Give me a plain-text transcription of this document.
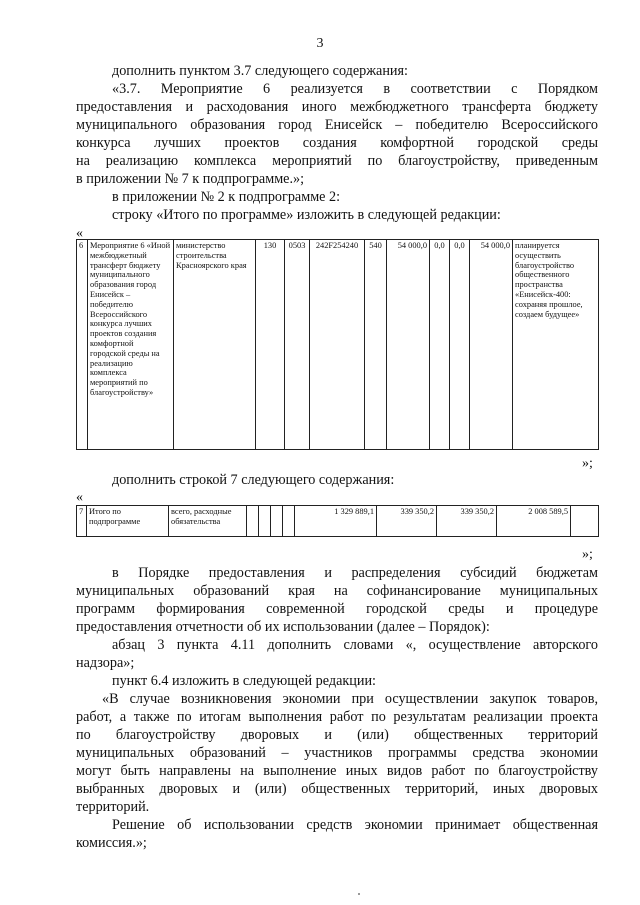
3

дополнить пунктом 3.7 следующего содержания:

«3.7. Мероприятие 6 реализуется в соответствии с Порядком

предоставления и расходования иного межбюджетного трансферта бюджету

муниципального образования город Енисейск – победителю Всероссийского

конкурса лучших проектов создания комфортной городской среды

на реализацию комплекса мероприятий по благоустройству, приведенным

в приложении № 7 к подпрограмме.»;

в приложении № 2 к подпрограмме 2:

строку «Итого по программе» изложить в следующей редакции:

«
6	Мероприятие 6 «Иной межбюджетный трансферт бюджету муниципального образования город Енисейск – победителю Всероссийского конкурса лучших проектов создания комфортной городской среды на реализацию комплекса мероприятий по благоустройству»	министерство строительства Красноярского края	130	0503	242F254240	540	54 000,0	0,0	0,0	54 000,0	планируется осуществить благоустройство общественного пространства «Енисейск-400: сохраняя прошлое, создаем будущее»
»;

дополнить строкой 7 следующего содержания:

«
7	Итого по подпрограмме	всего, расходные обязательства					1 329 889,1	339 350,2	339 350,2	2 008 589,5	
»;

в Порядке предоставления и распределения субсидий бюджетам

муниципальных образований края на софинансирование муниципальных

программ формирования современной городской среды и процедуре

предоставления отчетности об их использовании (далее – Порядок):

абзац 3 пункта 4.11 дополнить словами «, осуществление авторского

надзора»;

пункт 6.4 изложить в следующей редакции:

«В случае возникновения экономии при осуществлении закупок товаров,

работ, а также по итогам выполнения работ по результатам реализации проекта

по благоустройству дворовых и (или) общественных территорий

муниципальных образований – участников программы средства экономии

могут быть направлены на выполнение иных видов работ по благоустройству

выбранных дворовых и (или) общественных территорий, иных дворовых

территорий.

Решение об использовании средств экономии принимает общественная

комиссия.»;
